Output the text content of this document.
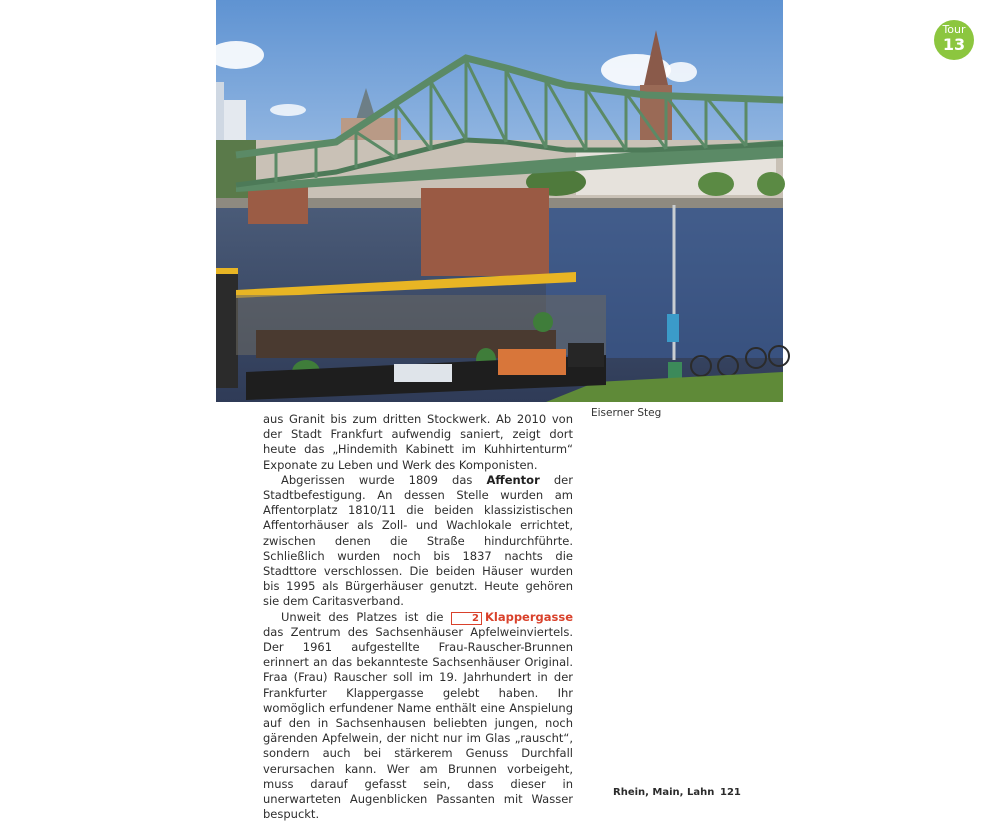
Tour
13
Eiserner Steg

aus Granit bis zum dritten Stockwerk. Ab 2010 von der Stadt Frankfurt aufwendig saniert, zeigt dort heute das „Hindemith Kabinett im Kuhhirtenturm“ Exponate zu Leben und Werk des Komponisten.

Abgerissen wurde 1809 das Affentor der Stadtbefestigung. An dessen Stelle wurden am Affentorplatz 1810/11 die beiden klassizistischen Affentorhäuser als Zoll- und Wachlokale errichtet, zwischen denen die Straße hindurchführte. Schließlich wurden noch bis 1837 nachts die Stadttore verschlossen. Die beiden Häuser wurden bis 1995 als Bürgerhäuser genutzt. Heute gehören sie dem Caritasverband.

Unweit des Platzes ist die 2 Klappergasse das Zentrum des Sachsenhäuser Apfelweinviertels. Der 1961 aufgestellte Frau-Rauscher-Brunnen erinnert an das bekannteste Sachsenhäuser Original. Fraa (Frau) Rauscher soll im 19. Jahrhundert in der Frankfurter Klappergasse gelebt haben. Ihr womöglich erfundener Name enthält eine Anspielung auf den in Sachsenhausen beliebten jungen, noch gärenden Apfelwein, der nicht nur im Glas „rauscht“, sondern auch bei stärkerem Genuss Durchfall verursachen kann. Wer am Brunnen vorbeigeht, muss darauf gefasst sein, dass dieser in unerwarteten Augenblicken Passanten mit Wasser bespuckt.

Rhein, Main, Lahn 121
